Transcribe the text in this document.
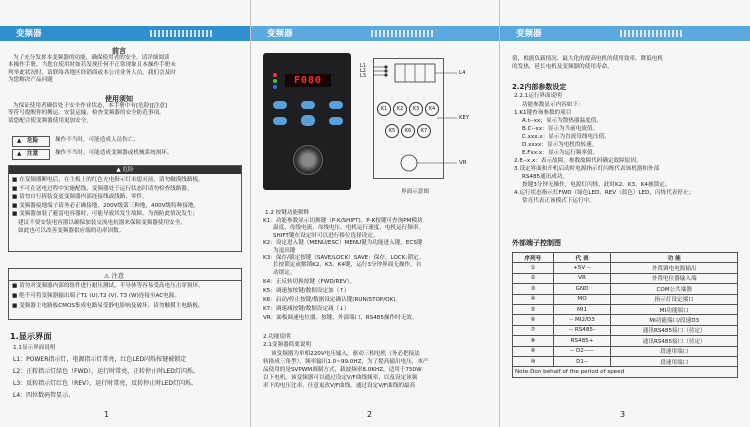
变频器
前言
为了充分发挥本变频器的功能，确保使用者的安全，请详细阅读
本操作手册，当您在使用时如若发现任何不正常现象且本操作手册未
列举此状况时，请联络各地区经销商或本公司业务人员，我们会及时
为您解决产品问题
使用须知
为保证使用者确信处于安全作业状态，本手册中有[危险][注意]
等符号提醒你的搬运、安装运输、检查变频器的安全防范事项，
请您配合使变频器使用更加安全。
▲ 危险	操作不当时，可能造成人员伤亡。
▲ 注意	操作不当时，可能造成变频器或机械系统损坏。
▲ 危险
■ 在变频器断电后，在主板上的红色充电指示灯未熄灭前，请勿触摸线路板。
■ 不可在送电过程中实施配线，变频器处于运行状态时请勿检查线路器。
■ 请勿自行拆装变更变频器内部连接线或线路、零件。
■ 变频器接地端子请务必正确接地，200V级第三种地，400V级特种接地。
■ 变频器加装了避雷电容器时，可能导致其发生故障，为预防此情况发生；
建议不要安装电容器以确保加装交流电抗器来保障变频器使用安全，
如此也可以改善变频器供应端的功率因数。
⚠ 注意
■ 请勿对变频器内部的组件进行耐压测试，半导体等容易受高电压击穿损坏。
■ 绝不可将变频器输出端子T1 (U),T2 (V), T3 (W)连接至AC电源。
■ 变频器主电路板CMOS集成电路易受静电影响及破坏，请勿触摸主电路板。
1.显示界面
1.1显示界面说明
L1：POWER指示灯，电源指示灯常亮，红色LED闪烁按键被锁定
L2：正转指示灯绿色（FWD），运行时常亮，正转停止时LED灯闪烁。
L3：反转指示灯红色（REV），运行时常亮，反转停止时LED灯闪烁。
L4：四位数码管显示。
1
变频器
F080
L1
L2
L3	L4
KEY
VR
K1	K2	K3	K4
K5	K6	K7
界面示意图
1.2 按键功能解释
K1：功能参数显示切换键（P-K/SHIFT)，P-K按键可查询PM模块
温度、母线电流、母线电压、电机运行速度、电机运行频率。
SHIFT键在设定时可以进行移位选择设定。
K2：设定进入键（MENU/ESC）MENU键为功能进入键，ECS键
为退出键
K3：保存/锁定按键（SAVE/LOCK）SAVE：保存，LOCK:锁定。
长按锁定或解锁K2、K3、K4键，运行3分钟界面无操作，自
动锁定。
K4：正反转切换按键（FWD/REV）。
K5：调速加按键/数据设定加（↑）
K6：启动/停止按键/数据设定确认键(RUN/STOP/OK)。
K7：调速减按键/数据设定减（↓）
VR：面板调速电位器。按键、外部端口、RS485操作时无效。
2.功能说明
2.1变频器简要说明
该变频器为单相220V电压输入，驱动三相电机（务必把接法
转换成三角型），频率输出1.0~99.0HZ，为了提高输出电压，本产
品使用的是SVPWM调制方式，载波频率8.0KHZ。适用于750W
以下电机。该变频器可以通过设定V/F曲线频率，以及设定该频
率下的电压比率，任意更改V/F曲线。通过设定V/F曲线的最高
2
变频器
值，根据负载情况、最大化的提高电机的使用效率，降低电机
的发热，延长电机及变频器的使用寿命。
2.2内部参数设定
2.2.1运行界面说明
功能参数显示内容如下：
1.K1键查询参数的项目
A.t--xx；显示为散热器温度值。
B.C--xx：显示为当前电流值。
C.xxx.x：显示为直流母线电压值。
D.xxxx：显示为电机的转速。
E.Fxx.x：显示为运行频率值。
2.E--x.x：表示故障，参数故障代码确定故障原因。
3.设定界面和开机启动时电源指示灯闪烁代表该机器和外部
RS485通讯成功。
按键3分钟无操作，电源灯闪烁，此时K2、K3、K4被锁定。
4.运行状态指示灯FWD（绿色LED，REV（蓝色）LED，闪烁代表停止；
常亮代表正该模式下运行中。
外部端子控制图
序列号	代 表	功 能
①	+5V --	外置调电电源输出
②	VR	外置电位器输入端
③	GND	COM公共端器
④	MO	指示灯设定端口
⑤	MI1	MI功能端口
⑥	-- MI2/D3	MI功能端口/段速D3
⑦	-- RS485-	通讯RS485接口（待定）
⑧	RS485+	通讯RS485接口（待定）
⑨	-- D2-----	段速用端口
⑩	D1--	段速用端口
Note:Don behalf of the period of speed		
3
